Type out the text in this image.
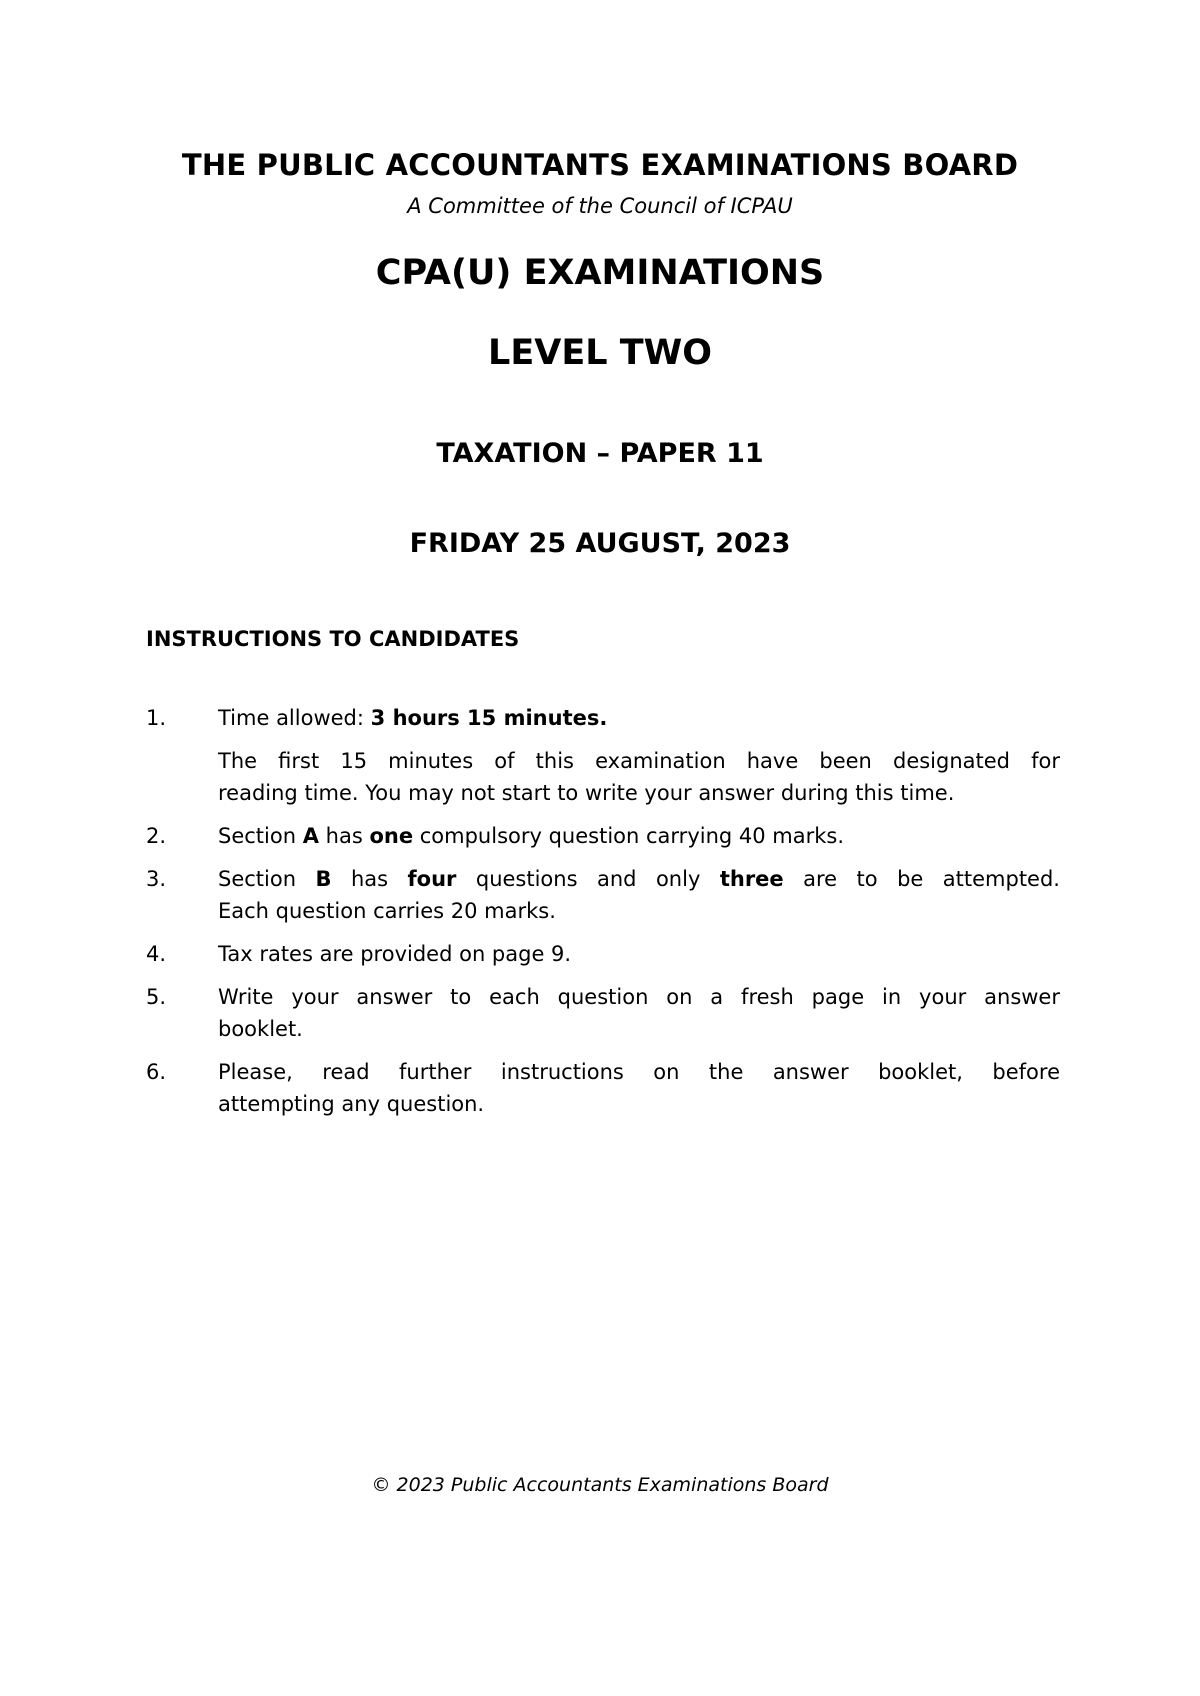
THE PUBLIC ACCOUNTANTS EXAMINATIONS BOARD
A Committee of the Council of ICPAU
CPA(U) EXAMINATIONS
LEVEL TWO
TAXATION – PAPER 11
FRIDAY 25 AUGUST, 2023
INSTRUCTIONS TO CANDIDATES
1. Time allowed: 3 hours 15 minutes.
The first 15 minutes of this examination have been designated for
reading time. You may not start to write your answer during this time.
2. Section A has one compulsory question carrying 40 marks.
3. Section B has four questions and only three are to be attempted.
Each question carries 20 marks.
4. Tax rates are provided on page 9.
5. Write your answer to each question on a fresh page in your answer
booklet.
6. Please, read further instructions on the answer booklet, before
attempting any question.
© 2023 Public Accountants Examinations Board
